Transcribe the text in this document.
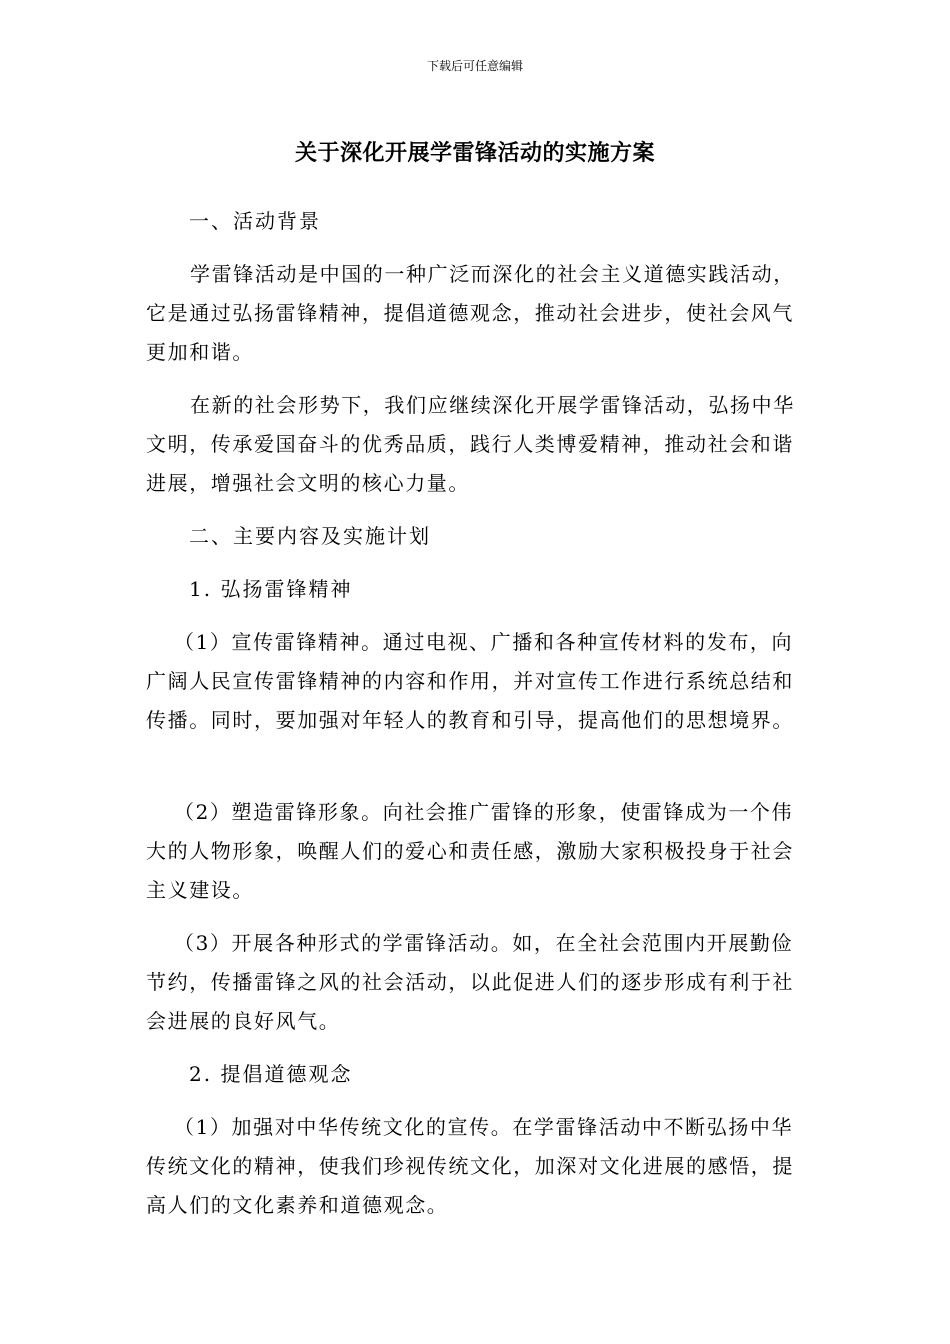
下载后可任意编辑
关于深化开展学雷锋活动的实施方案

一、活动背景

学雷锋活动是中国的一种广泛而深化的社会主义道德实践活动，它是通过弘扬雷锋精神，提倡道德观念，推动社会进步，使社会风气更加和谐。

在新的社会形势下，我们应继续深化开展学雷锋活动，弘扬中华文明，传承爱国奋斗的优秀品质，践行人类博爱精神，推动社会和谐进展，增强社会文明的核心力量。

二、主要内容及实施计划

1. 弘扬雷锋精神

（1）宣传雷锋精神。通过电视、广播和各种宣传材料的发布，向广阔人民宣传雷锋精神的内容和作用，并对宣传工作进行系统总结和传播。同时，要加强对年轻人的教育和引导，提高他们的思想境界。

（2）塑造雷锋形象。向社会推广雷锋的形象，使雷锋成为一个伟大的人物形象，唤醒人们的爱心和责任感，激励大家积极投身于社会主义建设。

（3）开展各种形式的学雷锋活动。如，在全社会范围内开展勤俭节约，传播雷锋之风的社会活动，以此促进人们的逐步形成有利于社会进展的良好风气。

2. 提倡道德观念

（1）加强对中华传统文化的宣传。在学雷锋活动中不断弘扬中华传统文化的精神，使我们珍视传统文化，加深对文化进展的感悟，提高人们的文化素养和道德观念。
